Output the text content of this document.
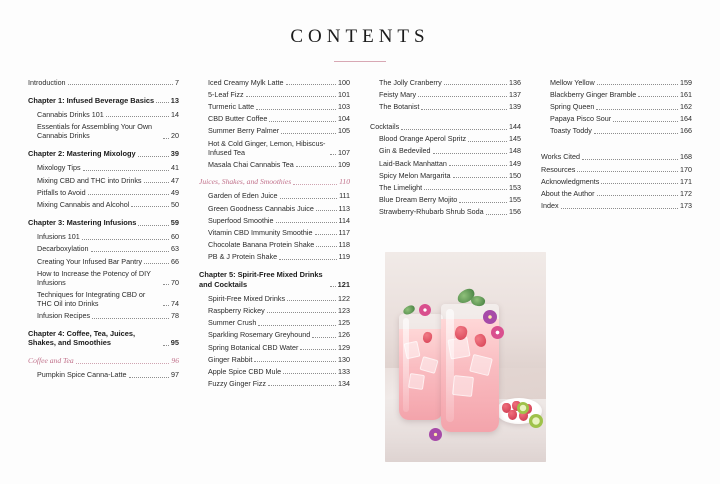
CONTENTS
Introduction	7
Chapter 1: Infused Beverage Basics 13
Cannabis Drinks 101	14
Essentials for Assembling Your Own Cannabis Drinks	20
Chapter 2: Mastering Mixology	39
Mixology Tips	41
Mixing CBD and THC into Drinks	47
Pitfalls to Avoid	49
Mixing Cannabis and Alcohol	50
Chapter 3: Mastering Infusions	59
Infusions 101	60
Decarboxylation	63
Creating Your Infused Bar Pantry	66
How to Increase the Potency of DIY Infusions	70
Techniques for Integrating CBD or THC Oil into Drinks	74
Infusion Recipes	78
Chapter 4: Coffee, Tea, Juices, Shakes, and Smoothies	95
Coffee and Tea	96
Pumpkin Spice Canna-Latte	97
Iced Creamy Mylk Latte	100
5-Leaf Fizz	101
Turmeric Latte	103
CBD Butter Coffee	104
Summer Berry Palmer	105
Hot & Cold Ginger, Lemon, Hibiscus-Infused Tea	107
Masala Chai Cannabis Tea	109
Juices, Shakes, and Smoothies	110
Garden of Eden Juice	111
Green Goodness Cannabis Juice	113
Superfood Smoothie	114
Vitamin CBD Immunity Smoothie	117
Chocolate Banana Protein Shake	118
PB & J Protein Shake	119
Chapter 5: Spirit-Free Mixed Drinks and Cocktails	121
Spirit-Free Mixed Drinks	122
Raspberry Rickey	123
Summer Crush	125
Sparkling Rosemary Greyhound	126
Spring Botanical CBD Water	129
Ginger Rabbit	130
Apple Spice CBD Mule	133
Fuzzy Ginger Fizz	134
The Jolly Cranberry	136
Feisty Mary	137
The Botanist	139
Cocktails	144
Blood Orange Aperol Spritz	145
Gin & Bedeviled	148
Laid-Back Manhattan	149
Spicy Melon Margarita	150
The Limelight	153
Blue Dream Berry Mojito	155
Strawberry-Rhubarb Shrub Soda	156
Mellow Yellow	159
Blackberry Ginger Bramble	161
Spring Queen	162
Papaya Pisco Sour	164
Toasty Toddy	166
Works Cited	168
Resources	170
Acknowledgments	171
About the Author	172
Index	173
